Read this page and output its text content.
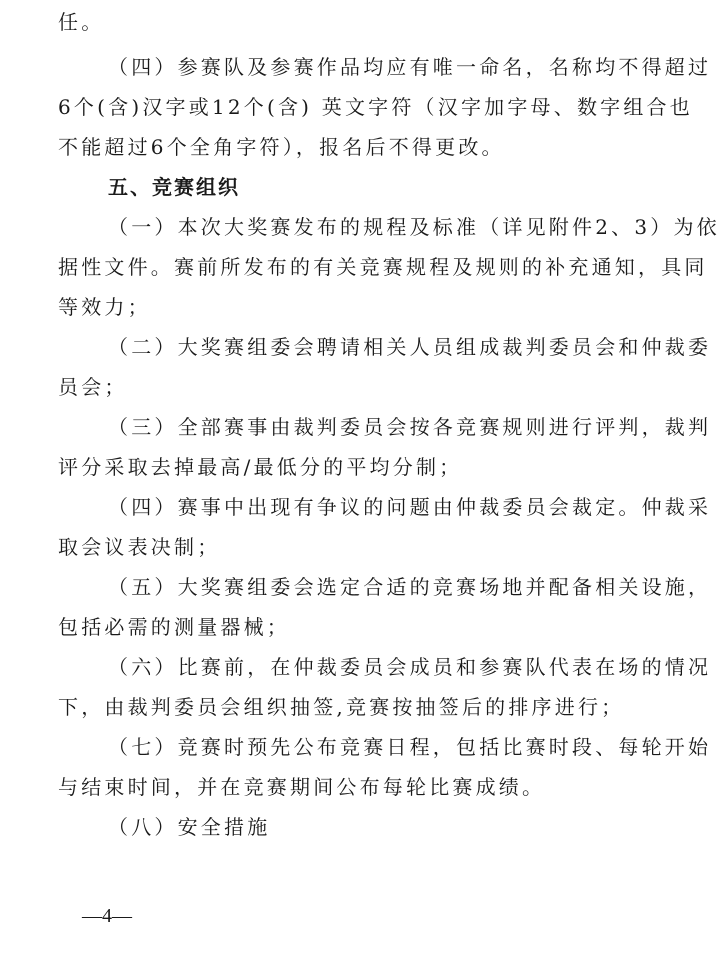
任。
（四）参赛队及参赛作品均应有唯一命名，名称均不得超过
6个(含)汉字或12个(含) 英文字符（汉字加字母、数字组合也
不能超过6个全角字符），报名后不得更改。
五、竞赛组织
（一）本次大奖赛发布的规程及标准（详见附件2、3）为依
据性文件。赛前所发布的有关竞赛规程及规则的补充通知，具同
等效力；
（二）大奖赛组委会聘请相关人员组成裁判委员会和仲裁委
员会；
（三）全部赛事由裁判委员会按各竞赛规则进行评判，裁判
评分采取去掉最高/最低分的平均分制；
（四）赛事中出现有争议的问题由仲裁委员会裁定。仲裁采
取会议表决制；
（五）大奖赛组委会选定合适的竞赛场地并配备相关设施，
包括必需的测量器械；
（六）比赛前，在仲裁委员会成员和参赛队代表在场的情况
下，由裁判委员会组织抽签,竞赛按抽签后的排序进行；
（七）竞赛时预先公布竞赛日程，包括比赛时段、每轮开始
与结束时间，并在竞赛期间公布每轮比赛成绩。
（八）安全措施
—4—
